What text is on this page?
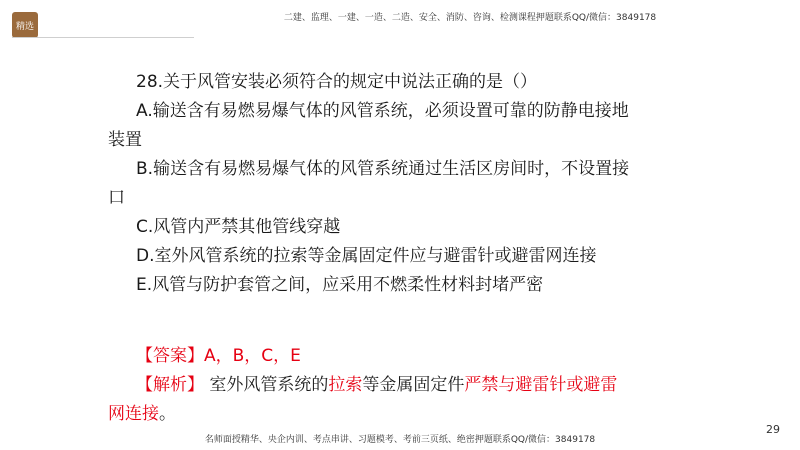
精选
二建、监理、一建、一造、二造、安全、消防、咨询、检测课程押题联系QQ/微信：3849178

28.关于风管安装必须符合的规定中说法正确的是（）

A.输送含有易燃易爆气体的风管系统，必须设置可靠的防静电接地

装置

B.输送含有易燃易爆气体的风管系统通过生活区房间时，不设置接

口

C.风管内严禁其他管线穿越

D.室外风管系统的拉索等金属固定件应与避雷针或避雷网连接

E.风管与防护套管之间，应采用不燃柔性材料封堵严密

【答案】A，B，C，E
【解析】 室外风管系统的拉索等金属固定件严禁与避雷针或避雷
网连接。
29
名师面授精华、央企内训、考点串讲、习题模考、考前三页纸、绝密押题联系QQ/微信：3849178
